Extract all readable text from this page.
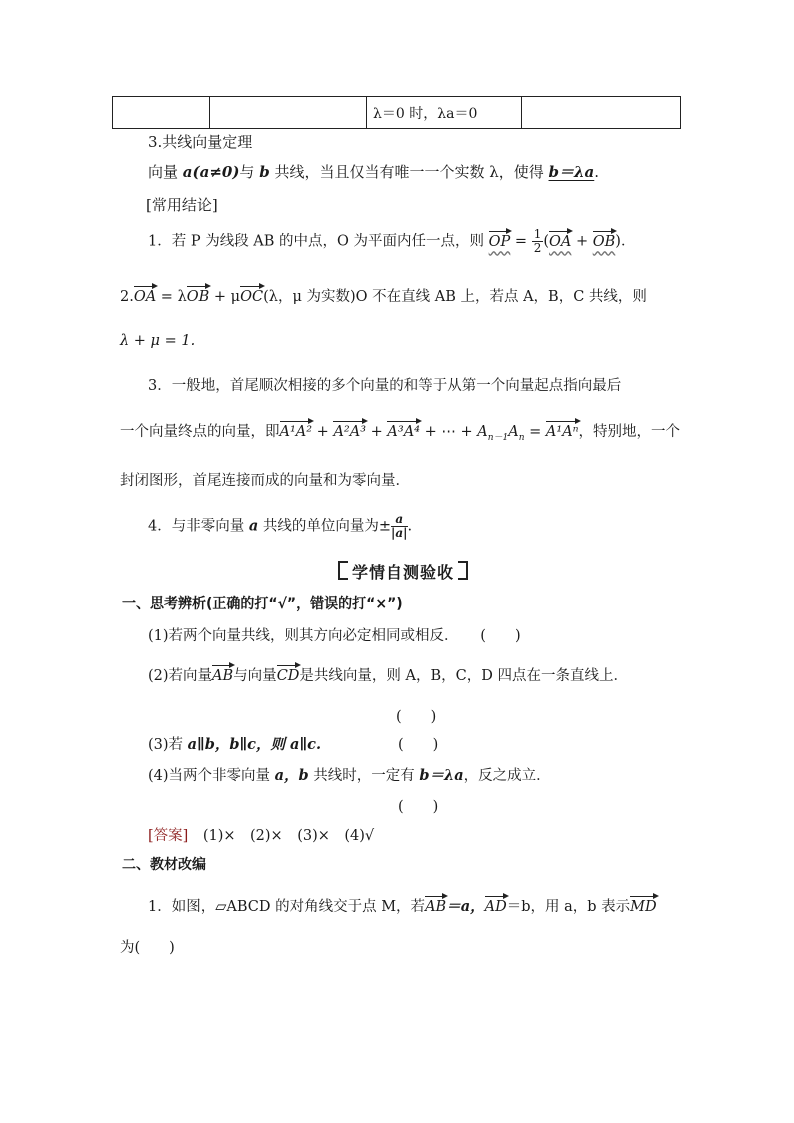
		λ＝0 时，λa＝0	
3.共线向量定理
向量 a(a≠0)与 b 共线，当且仅当有唯一一个实数 λ，使得 b＝λa.
[常用结论]
1．若 P 为线段 AB 的中点，O 为平面内任一点，则 OP = $\frac{1}{2} (OA + OB)$．
2.OA = λOB + μOC(λ，μ 为实数)O 不在直线 AB 上，若点 A，B，C 共线，则
λ + μ = 1.
3．一般地，首尾顺次相接的多个向量的和等于从第一个向量起点指向最后
一个向量终点的向量，即A¹A² + A²A³ + A³A⁴ + ⋯ + $A_{n-1}A_n = A^1A^n$，特别地，一个
封闭图形，首尾连接而成的向量和为零向量．
4．与非零向量 a 共线的单位向量为± $\frac{a}{|a|}$ .
学情自测验收
一、思考辨析(正确的打“√”，错误的打“×”)
(1)若两个向量共线，则其方向必定相同或相反．　　 (　　)
(2)若向量AB与向量CD是共线向量，则 A，B，C，D 四点在一条直线上．
(　　)
(3)若 a∥b，b∥c，则 a∥c.	(　　)
(4)当两个非零向量 a，b 共线时，一定有 b＝λa，反之成立．
(　　)
[答案]　 (1)×　(2)×　(3)×　(4)√
二、教材改编
1．如图，▱ABCD 的对角线交于点 M，若AB＝a，AD＝b，用 a，b 表示MD
为(　　)
